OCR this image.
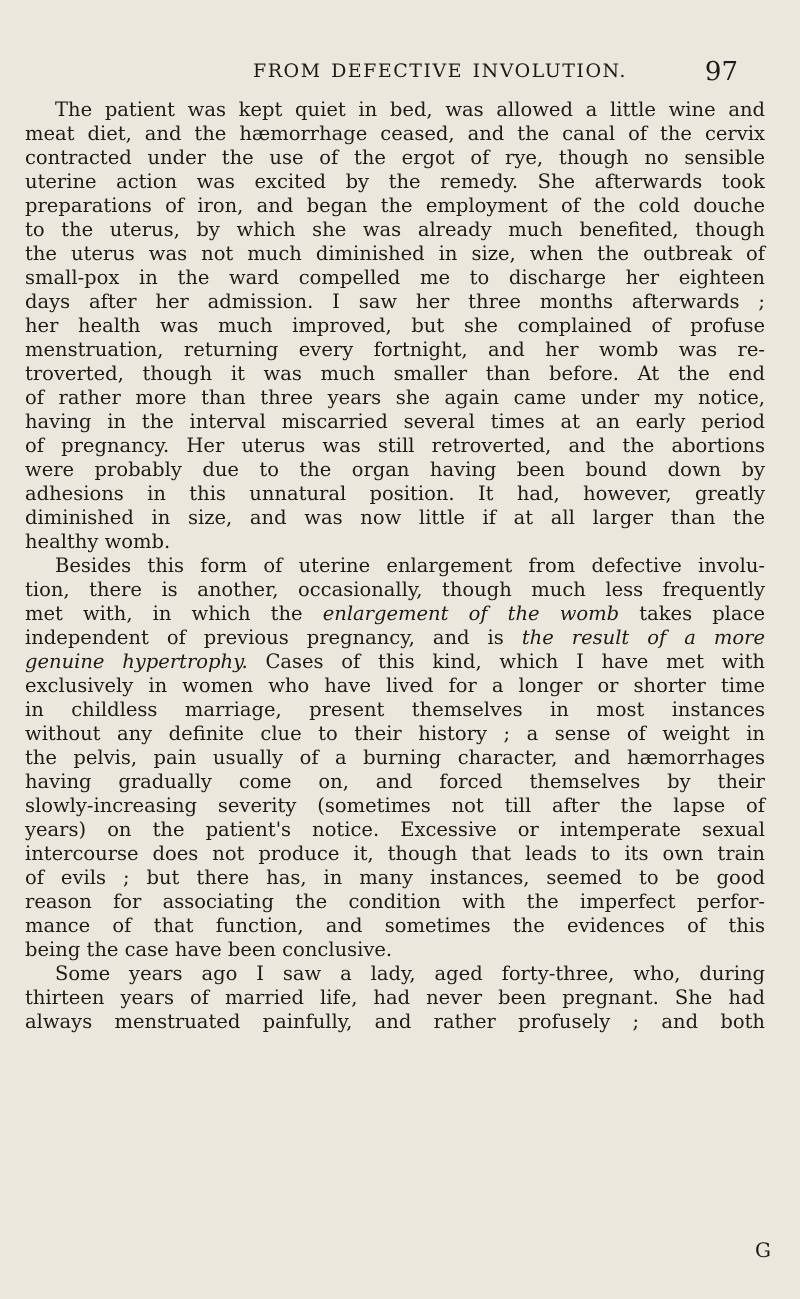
FROM DEFECTIVE INVOLUTION.	97
The patient was kept quiet in bed, was allowed a little wine and
meat diet, and the hæmorrhage ceased, and the canal of the cervix
contracted under the use of the ergot of rye, though no sensible
uterine action was excited by the remedy. She afterwards took
preparations of iron, and began the employment of the cold douche
to the uterus, by which she was already much benefited, though
the uterus was not much diminished in size, when the outbreak of
small-pox in the ward compelled me to discharge her eighteen
days after her admission. I saw her three months afterwards ;
her health was much improved, but she complained of profuse
menstruation, returning every fortnight, and her womb was re-
troverted, though it was much smaller than before. At the end
of rather more than three years she again came under my notice,
having in the interval miscarried several times at an early period
of pregnancy. Her uterus was still retroverted, and the abortions
were probably due to the organ having been bound down by
adhesions in this unnatural position. It had, however, greatly
diminished in size, and was now little if at all larger than the
healthy womb.
Besides this form of uterine enlargement from defective involu-
tion, there is another, occasionally, though much less frequently
met with, in which the enlargement of the womb takes place
independent of previous pregnancy, and is the result of a more
genuine hypertrophy. Cases of this kind, which I have met with
exclusively in women who have lived for a longer or shorter time
in childless marriage, present themselves in most instances
without any definite clue to their history ; a sense of weight in
the pelvis, pain usually of a burning character, and hæmorrhages
having gradually come on, and forced themselves by their
slowly-increasing severity (sometimes not till after the lapse of
years) on the patient's notice. Excessive or intemperate sexual
intercourse does not produce it, though that leads to its own train
of evils ; but there has, in many instances, seemed to be good
reason for associating the condition with the imperfect perfor-
mance of that function, and sometimes the evidences of this
being the case have been conclusive.
Some years ago I saw a lady, aged forty-three, who, during
thirteen years of married life, had never been pregnant. She had
always menstruated painfully, and rather profusely ; and both
G
